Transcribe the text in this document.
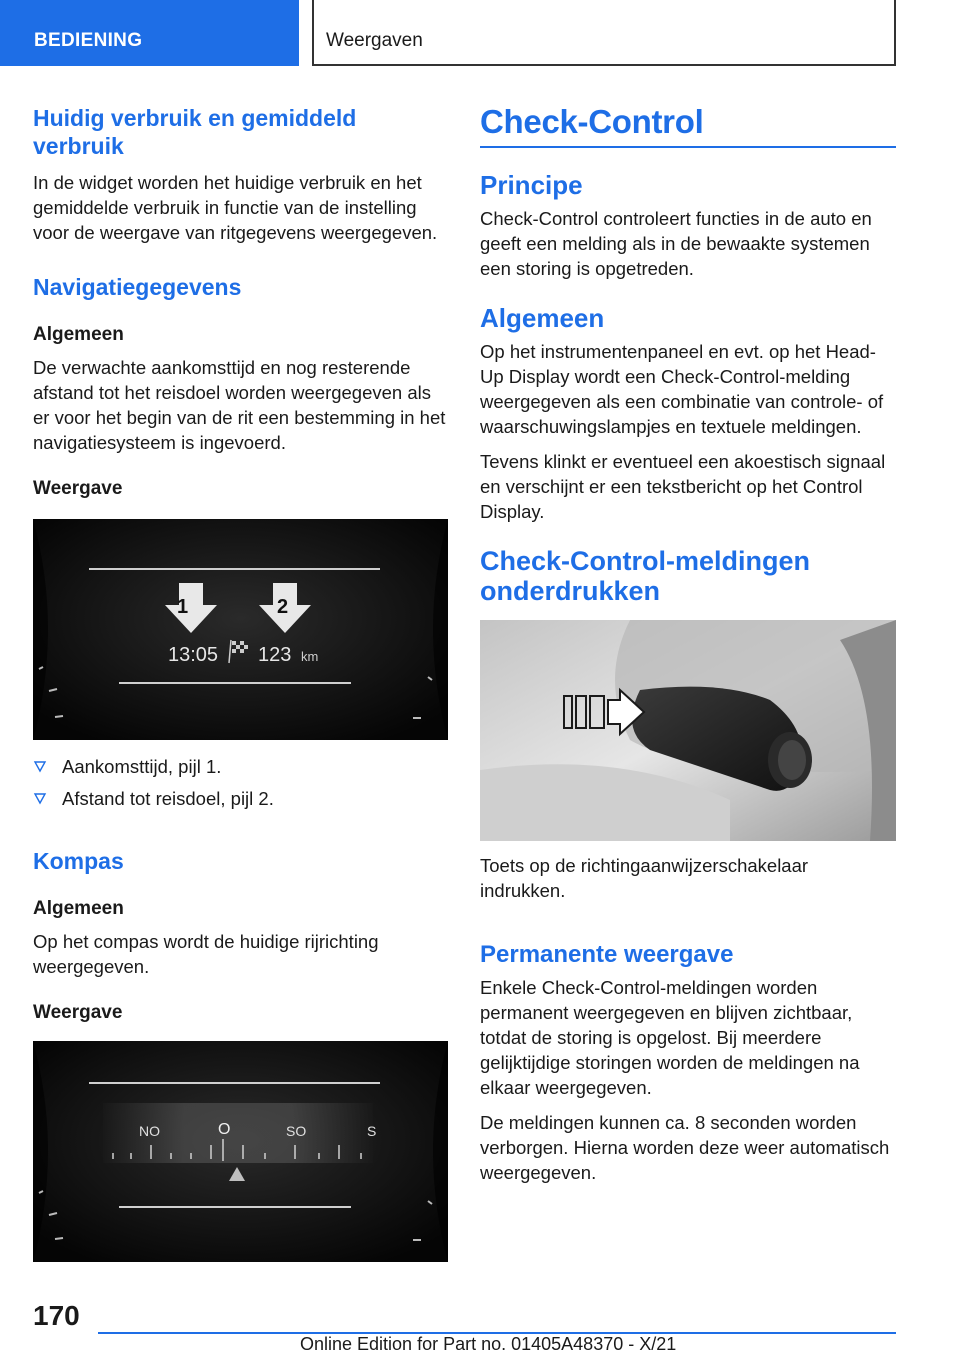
BEDIENING	Weergaven
Huidig verbruik en gemiddeld verbruik

In de widget worden het huidige verbruik en het gemiddelde verbruik in functie van de instelling voor de weergave van ritgegevens weergegeven.

Navigatiegegevens
Algemeen

De verwachte aankomsttijd en nog resterende afstand tot het reisdoel worden weergegeven als er voor het begin van de rit een bestemming in het navigatiesysteem is ingevoerd.

Weergave
1	2
13:05 123 km
Aankomsttijd, pijl 1.
Afstand tot reisdoel, pijl 2.
Kompas
Algemeen

Op het compas wordt de huidige rijrichting weergegeven.

Weergave
NO	O	SO	S
Check-Control
Principe

Check-Control controleert functies in de auto en geeft een melding als in de bewaakte systemen een storing is opgetreden.

Algemeen

Op het instrumentenpaneel en evt. op het Head-Up Display wordt een Check-Control-melding weergegeven als een combinatie van controle- of waarschuwingslampjes en textuele meldingen.

Tevens klinkt er eventueel een akoestisch signaal en verschijnt er een tekstbericht op het Control Display.

Check-Control-meldingen onderdrukken

Toets op de richtingaanwijzerschakelaar indrukken.

Permanente weergave

Enkele Check-Control-meldingen worden permanent weergegeven en blijven zichtbaar, totdat de storing is opgelost. Bij meerdere gelijktijdige storingen worden de meldingen na elkaar weergegeven.

De meldingen kunnen ca. 8 seconden worden verborgen. Hierna worden deze weer automatisch weergegeven.

170
Online Edition for Part no. 01405A48370 - X/21
